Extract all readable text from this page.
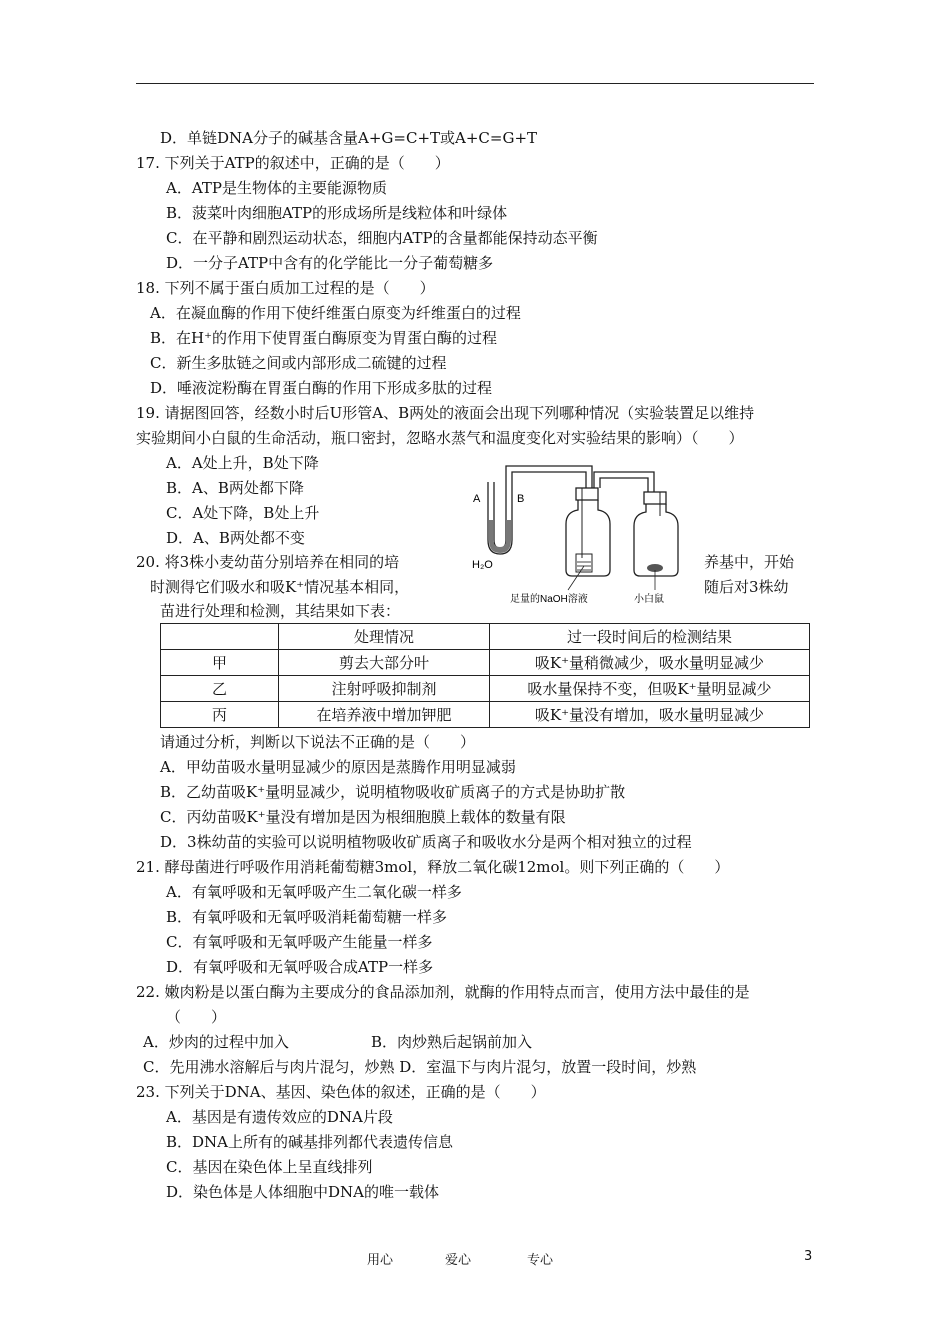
D．单链DNA分子的碱基含量A+G=C+T或A+C=G+T
17. 下列关于ATP的叙述中，正确的是（　　）
A．ATP是生物体的主要能源物质
B．菠菜叶肉细胞ATP的形成场所是线粒体和叶绿体
C．在平静和剧烈运动状态，细胞内ATP的含量都能保持动态平衡
D．一分子ATP中含有的化学能比一分子葡萄糖多
18. 下列不属于蛋白质加工过程的是（　　）
A．在凝血酶的作用下使纤维蛋白原变为纤维蛋白的过程
B．在H⁺的作用下使胃蛋白酶原变为胃蛋白酶的过程
C．新生多肽链之间或内部形成二硫键的过程
D．唾液淀粉酶在胃蛋白酶的作用下形成多肽的过程
19. 请据图回答，经数小时后U形管A、B两处的液面会出现下列哪种情况（实验装置足以维持
实验期间小白鼠的生命活动，瓶口密封，忽略水蒸气和温度变化对实验结果的影响）（　　）
A．A处上升，B处下降
B．A、B两处都下降
C．A处下降，B处上升
D．A、B两处都不变
A	B
H₂O
足量的NaOH溶液	小白鼠
20. 将3株小麦幼苗分别培养在相同的培	养基中，开始
时测得它们吸水和吸K⁺情况基本相同，	随后对3株幼
苗进行处理和检测，其结果如下表：
	处理情况	过一段时间后的检测结果
甲	剪去大部分叶	吸K⁺量稍微减少，吸水量明显减少
乙	注射呼吸抑制剂	吸水量保持不变，但吸K⁺量明显减少
丙	在培养液中增加钾肥	吸K⁺量没有增加，吸水量明显减少
请通过分析，判断以下说法不正确的是（　　）
A．甲幼苗吸水量明显减少的原因是蒸腾作用明显减弱
B．乙幼苗吸K⁺量明显减少，说明植物吸收矿质离子的方式是协助扩散
C．丙幼苗吸K⁺量没有增加是因为根细胞膜上载体的数量有限
D．3株幼苗的实验可以说明植物吸收矿质离子和吸收水分是两个相对独立的过程
21. 酵母菌进行呼吸作用消耗葡萄糖3mol，释放二氧化碳12mol。则下列正确的（　　）
A．有氧呼吸和无氧呼吸产生二氧化碳一样多
B．有氧呼吸和无氧呼吸消耗葡萄糖一样多
C．有氧呼吸和无氧呼吸产生能量一样多
D．有氧呼吸和无氧呼吸合成ATP一样多
22. 嫩肉粉是以蛋白酶为主要成分的食品添加剂，就酶的作用特点而言，使用方法中最佳的是
（　　）
A．炒肉的过程中加入	B．肉炒熟后起锅前加入
C．先用沸水溶解后与肉片混匀，炒熟 D．室温下与肉片混匀，放置一段时间，炒熟
23. 下列关于DNA、基因、染色体的叙述，正确的是（　　）
A．基因是有遗传效应的DNA片段
B．DNA上所有的碱基排列都代表遗传信息
C．基因在染色体上呈直线排列
D．染色体是人体细胞中DNA的唯一载体
用心	爱心	专心	3
